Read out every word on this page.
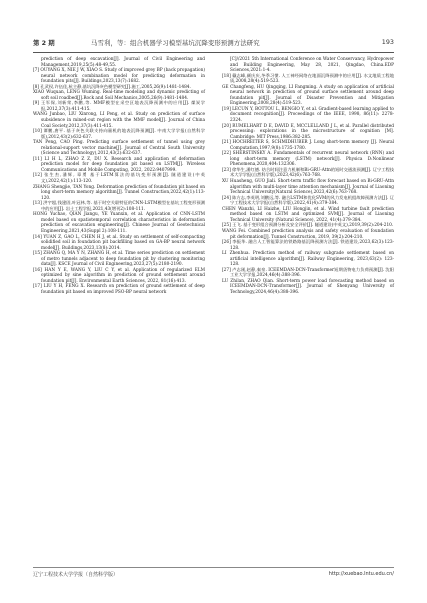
第 2 期	马雪利，等：组合机器学习模型基坑沉降变形预测方法研究	193

prediction of deep excavation[J]. Journal of Civil Engineering and Management,2019,25(5):48-49,55.

[7] OUYANG X, NIE J W, XIAO S. Study of improved grey BP (back propagation) neural network combination model for predicting deformation in foundation pits[J]. Buildings,2023,13(7):1682.

[8] 孔武权,许伍佳,杭主静,基坑沉降灰色模型研究[J].施工,2005,26(9):1481-1484.

XIAO Wuquan, LENG Wuming. Real-time modeling and dynamic predicting of soft soil roadbed[J].Rock and Soil Mechanics,2005,26(9):1481-1484.

[9] 王军保,刘新荣,李鹏,等. MMF模型在采空区地表沉降预测中的应用[J]. 煤炭学报,2012,37(3):411-415.

WANG Junbao, LIU Xinrong, LI Peng, et al. Study on prediction of surface subsidence in mined-out region with the MMF model[J]. Journal of China Coal Society,2012,37(3):411-415.

[10] 谭鹏,唐平. 基于灰色关联支持向量机的地表沉降预测[J]. 中南大学学报(自然科学版),2012,43(2):632-637.

TAN Peng, CAO Ping. Predicting surface settlement of tunnel using grey relational-support vector machine[J]. Journal of Central South University (Science and Technology),2012,43(2):632-637.

[11] LI H L, ZHAO Z Z, DU X. Research and application of deformation prediction model for deep foundation pit based on LSTM[J]. Wireless Communications and Mobile Computing, 2022, 2022:9407999.

[12] 张生杰,潘辉, 章勇 基于LSTM算法的基坑变形预测[J]. 隧道建设(中英文),2022,42(1):113-120.

ZHANG Shengjie, TAN Yong. Deformation prediction of foundation pit based on long short-term memory algorithm[J]. Tunnel Construction,2022,42(1):113-120.

[13] 洪宇超,钱建固,叶冠林,等. 基于时空关联特征的CNN-LSTM模型在基坑工程变形预测中的应用[J]. 岩土工程学报,2021,43(增刊2):108-111.

HONG Yuchao, QIAN Jiangu, YE Yuanxin, et al. Application of CNN-LSTM model based on spatiotemporal correlation characteristics in deformation prediction of excavation engineering[J]. Chinese Journal of Geotechnical Engineering,2021,43(Suppl 2):108-111.

[14] YUAN Z, GAO L, CHEN H J, et al. Study on settlement of self-compacting solidified soil in foundation pit backfilling based on GA-BP neural network model[J]. Buildings,2023,13(8):2014.

[15] ZHANG Q, MA Y N, ZHANG H, et al. Time series prediction on settlement of metro tunnels adjacent to deep foundation pit by clustering monitoring data[J]. KSCE Journal of Civil Engineering,2023,27(5):2180-2190.

[16] HAN Y E, WANG Y, LIU C Y, et al. Application of regularized ELM optimized by sine algorithm in prediction of ground settlement around foundation pit[J]. Environmental Earth Sciences, 2022, 81(16):413.

[17] LIU Y H, FENG X. Research on prediction of ground settlement of deep foundation pit based on improved PSO-BP neural network

[C]//2021 5th International Conference on Water Conservancy, Hydropower and Building Engineering, May 28, 2021, Qingdao, China.EDP Sciences,2021:1-4.

[18] 戴志峰,颜庆庆,冬季习惯. 人工神经网络在地面沉降预测中的应用[J]. 水文地质工程地质,2008,28(4):519-523.

GE Changfeng, HU Qingqing, LI Fangming. A study on application of artificial neural network in prediction of ground surface settlement around deep foundation pit[J]. Journal of Disaster Prevention and Mitigation Engineering,2008,28(4):519-523.

[19] LECUN Y, BOTTOU L, BENGIO Y, et al. Gradient-based learning applied to document recognition[J]. Proceedings of the IEEE, 1998, 86(11): 2278-2324.

[20] RUMELHART D E, DAVID E, MCCLELLAND J L, et al. Parallel distributed processing: explorations in the microstructure of cognition [M]. Cambridge: MIT Press,1986:382-285.

[21] HOCHREITER S, SCHMIDHUBER J. Long short-term memory [J]. Neural Computation,1997,9(8):1735-1780.

[22] SHERSTINSKY A. Fundamentals of recurrent neural network (RNN) and long short-term memory (LSTM) network[J]. Physica D:Nonlinear Phenomena,2020,404:132306.

[23] 徐华生,潘红德. 结合时间注意力机制和Bi-GRU-Attn的短时交通流预测[J]. 辽宁工程技术大学学报(自然科学版),2023,42(6):763-768.

XU Huasheng, GUO Jiali. Short-term traffic flow forecast based on Bi-GRU-Attn algorithm with multi-layer time attention mechanism[J]. Journal of Liaoning Technical University(Natural Science),2023,42(6):763-768.

[24] 陈方志,李英明,刘鹏远,等. 融合LSTM和优化SVM的风力发电机组故障预测方法[J]. 辽宁工程技术大学学报(自然科学版),2022,41(4):379-384.

CHEN Wanzhi, LI Haizhe, LIU Hongjin, et al. Wind turbine fault prediction method based on LSTM and optimized SVM[J]. Journal of Liaoning Technical University (Natural Science), 2022, 41(4):379-384.

[25] 王飞. 基于变形组合预测分析及安全评价[J]. 隧道建设(中英文),2019,39(2):204-210.

WANG Fei. Combined prediction analysis and safety evaluation of foundation pit deformation[J]. Tunnel Construction, 2019, 39(2):204-210.

[26] 李振华. 融合人工智能算法的铁路路基沉降预测方法[J]. 铁道建设,2023,62(3):123-128.

LI Zhenhua. Prediction method of railway subgrade settlement based on artificial intelligence algorithm[J]. Railway Engineering, 2023,63(2): 123-128.

[27] 卢志刚,赵静,秦泉. ICEEMDAN-DCN-Transformer短期货物电力负荷预测[J]. 沈阳工业大学学报,2024,46(4):388-396.

LU Zhilan, ZHAO Qian. Short-term power load forecasting method based on ICEEMDAN-DCN-Transformer[J]. Journal of Shenyang University of Technology,2024,46(4):388-396.

辽宁工程技术大学学报（自然科学版）	http://xuebao.lntu.edu.cn/
